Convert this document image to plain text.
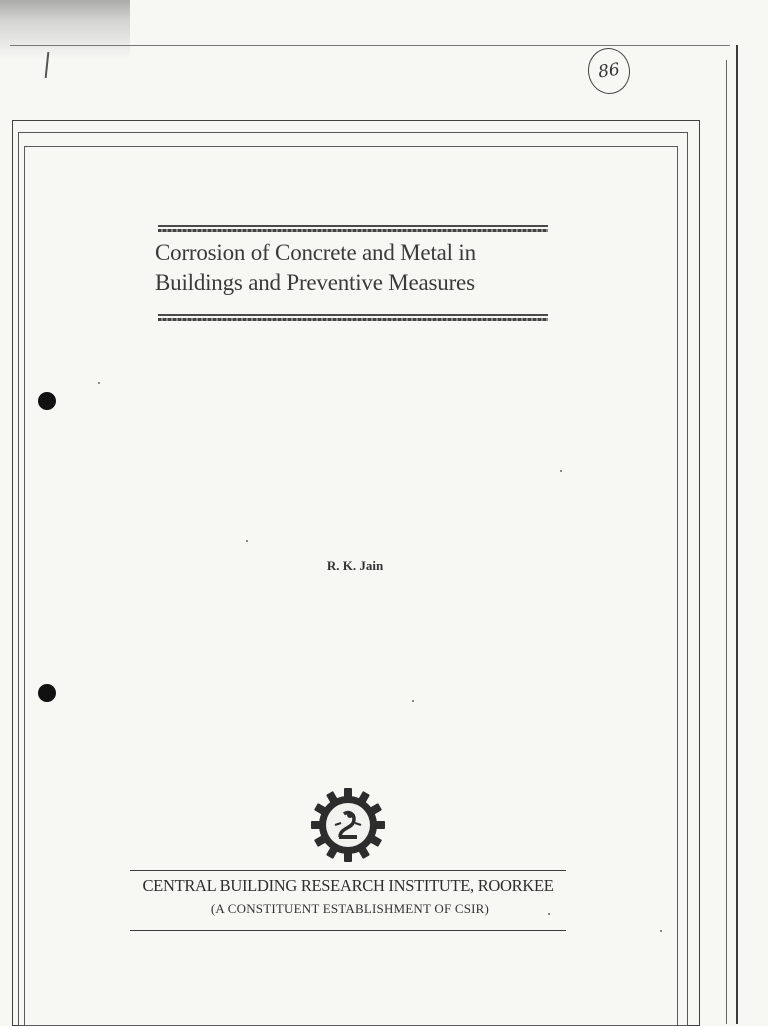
86
Corrosion of Concrete and Metal in
Buildings and Preventive Measures
R. K. Jain
CENTRAL BUILDING RESEARCH INSTITUTE, ROORKEE
(A CONSTITUENT ESTABLISHMENT OF CSIR)
